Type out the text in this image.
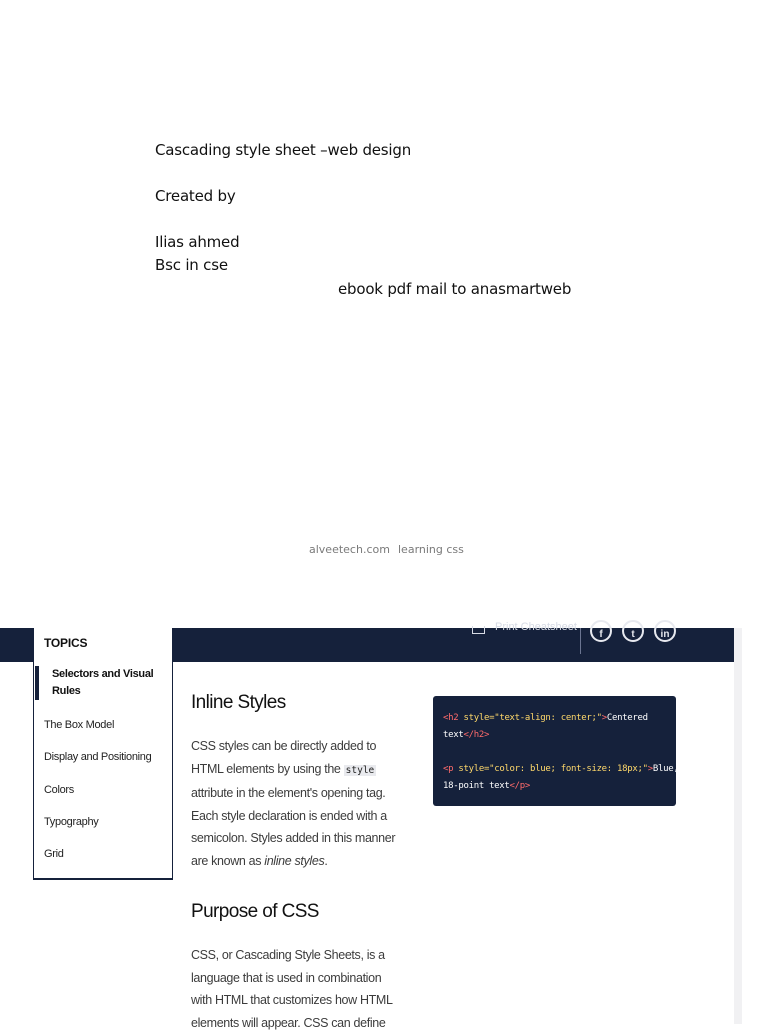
Cascading style sheet –web design
Created by
Ilias ahmed
Bsc in cse
ebook pdf mail to anasmartweb
alveetech.com learning css
Print Cheatsheet
f	t	in
TOPICS
Selectors and Visual Rules
The Box Model
Display and Positioning
Colors
Typography
Grid
Inline Styles
CSS styles can be directly added to HTML elements by using the style attribute in the element's opening tag. Each style declaration is ended with a semicolon. Styles added in this manner are known as inline styles.
<h2 style="text-align: center;">Centered
text</h2>
<p style="color: blue; font-size: 18px;">Blue,
18-point text</p>
Purpose of CSS
CSS, or Cascading Style Sheets, is a language that is used in combination with HTML that customizes how HTML elements will appear. CSS can define
